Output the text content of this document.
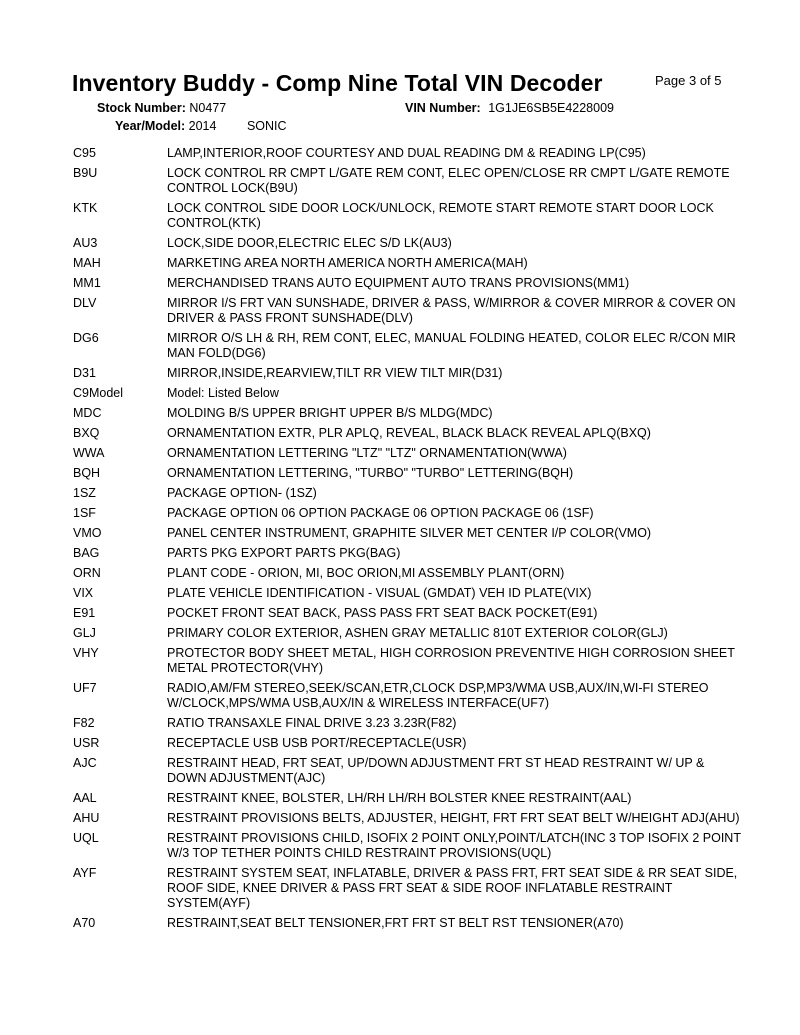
Inventory Buddy - Comp Nine Total VIN Decoder	Page 3 of 5
Stock Number: N0477	VIN Number: 1G1JE6SB5E4228009
Year/Model: 2014 SONIC
C95	LAMP,INTERIOR,ROOF COURTESY AND DUAL READING DM & READING LP(C95)
B9U	LOCK CONTROL RR CMPT L/GATE REM CONT, ELEC OPEN/CLOSE RR CMPT L/GATE REMOTE CONTROL LOCK(B9U)
KTK	LOCK CONTROL SIDE DOOR LOCK/UNLOCK, REMOTE START REMOTE START DOOR LOCK CONTROL(KTK)
AU3	LOCK,SIDE DOOR,ELECTRIC ELEC S/D LK(AU3)
MAH	MARKETING AREA NORTH AMERICA NORTH AMERICA(MAH)
MM1	MERCHANDISED TRANS AUTO EQUIPMENT AUTO TRANS PROVISIONS(MM1)
DLV	MIRROR I/S FRT VAN SUNSHADE, DRIVER & PASS, W/MIRROR & COVER MIRROR & COVER ON DRIVER & PASS FRONT SUNSHADE(DLV)
DG6	MIRROR O/S LH & RH, REM CONT, ELEC, MANUAL FOLDING HEATED, COLOR ELEC R/CON MIR MAN FOLD(DG6)
D31	MIRROR,INSIDE,REARVIEW,TILT RR VIEW TILT MIR(D31)
C9Model	Model: Listed Below
MDC	MOLDING B/S UPPER BRIGHT UPPER B/S MLDG(MDC)
BXQ	ORNAMENTATION EXTR, PLR APLQ, REVEAL, BLACK BLACK REVEAL APLQ(BXQ)
WWA	ORNAMENTATION LETTERING "LTZ" "LTZ" ORNAMENTATION(WWA)
BQH	ORNAMENTATION LETTERING, "TURBO" "TURBO" LETTERING(BQH)
1SZ	PACKAGE OPTION- (1SZ)
1SF	PACKAGE OPTION 06 OPTION PACKAGE 06 OPTION PACKAGE 06 (1SF)
VMO	PANEL CENTER INSTRUMENT, GRAPHITE SILVER MET CENTER I/P COLOR(VMO)
BAG	PARTS PKG EXPORT PARTS PKG(BAG)
ORN	PLANT CODE - ORION, MI, BOC ORION,MI ASSEMBLY PLANT(ORN)
VIX	PLATE VEHICLE IDENTIFICATION - VISUAL (GMDAT) VEH ID PLATE(VIX)
E91	POCKET FRONT SEAT BACK, PASS PASS FRT SEAT BACK POCKET(E91)
GLJ	PRIMARY COLOR EXTERIOR, ASHEN GRAY METALLIC 810T EXTERIOR COLOR(GLJ)
VHY	PROTECTOR BODY SHEET METAL, HIGH CORROSION PREVENTIVE HIGH CORROSION SHEET METAL PROTECTOR(VHY)
UF7	RADIO,AM/FM STEREO,SEEK/SCAN,ETR,CLOCK DSP,MP3/WMA USB,AUX/IN,WI-FI STEREO W/CLOCK,MPS/WMA USB,AUX/IN & WIRELESS INTERFACE(UF7)
F82	RATIO TRANSAXLE FINAL DRIVE 3.23 3.23R(F82)
USR	RECEPTACLE USB USB PORT/RECEPTACLE(USR)
AJC	RESTRAINT HEAD, FRT SEAT, UP/DOWN ADJUSTMENT FRT ST HEAD RESTRAINT W/ UP & DOWN ADJUSTMENT(AJC)
AAL	RESTRAINT KNEE, BOLSTER, LH/RH LH/RH BOLSTER KNEE RESTRAINT(AAL)
AHU	RESTRAINT PROVISIONS BELTS, ADJUSTER, HEIGHT, FRT FRT SEAT BELT W/HEIGHT ADJ(AHU)
UQL	RESTRAINT PROVISIONS CHILD, ISOFIX 2 POINT ONLY,POINT/LATCH(INC 3 TOP ISOFIX 2 POINT W/3 TOP TETHER POINTS CHILD RESTRAINT PROVISIONS(UQL)
AYF	RESTRAINT SYSTEM SEAT, INFLATABLE, DRIVER & PASS FRT, FRT SEAT SIDE & RR SEAT SIDE, ROOF SIDE, KNEE DRIVER & PASS FRT SEAT & SIDE ROOF INFLATABLE RESTRAINT SYSTEM(AYF)
A70	RESTRAINT,SEAT BELT TENSIONER,FRT FRT ST BELT RST TENSIONER(A70)
